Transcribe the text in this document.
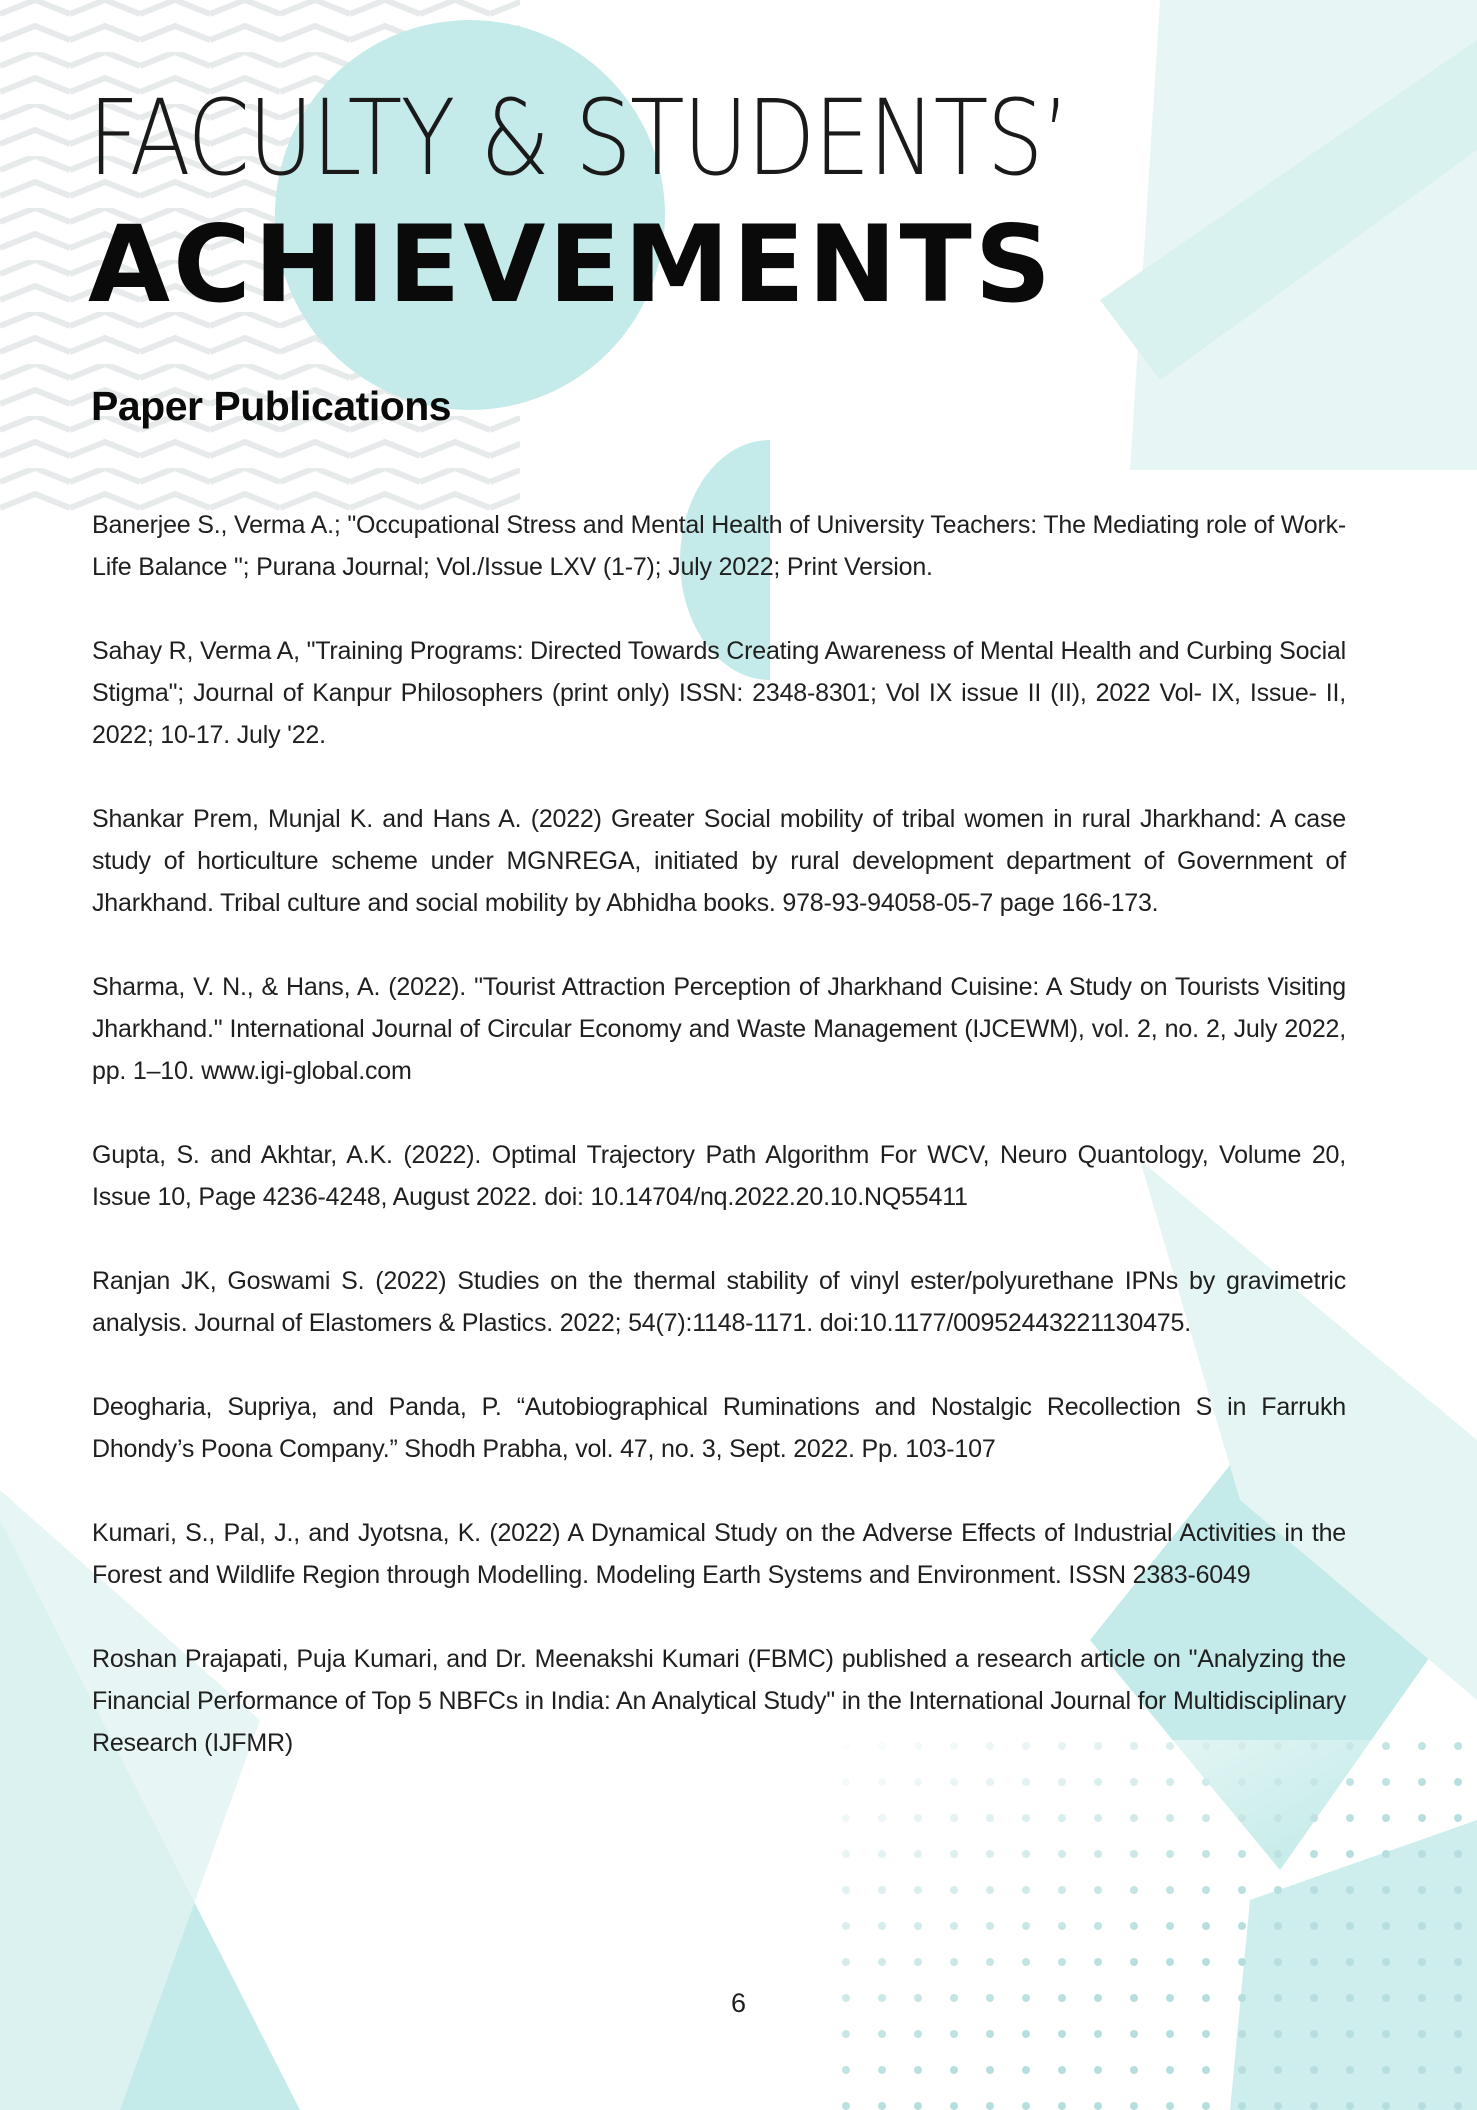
FACULTY & STUDENTS’
ACHIEVEMENTS
Paper Publications
Banerjee S., Verma A.; "Occupational Stress and Mental Health of University Teachers: The Mediating role of Work-Life Balance "; Purana Journal; Vol./Issue LXV (1-7); July 2022; Print Version.
Sahay R, Verma A, "Training Programs: Directed Towards Creating Awareness of Mental Health and Curbing Social Stigma"; Journal of Kanpur Philosophers (print only) ISSN: 2348-8301; Vol IX issue II (II), 2022 Vol- IX, Issue- II, 2022; 10-17. July '22.
Shankar Prem, Munjal K. and Hans A. (2022) Greater Social mobility of tribal women in rural Jharkhand: A case study of horticulture scheme under MGNREGA, initiated by rural development department of Government of Jharkhand. Tribal culture and social mobility by Abhidha books. 978-93-94058-05-7 page 166-173.
Sharma, V. N., & Hans, A. (2022). "Tourist Attraction Perception of Jharkhand Cuisine: A Study on Tourists Visiting Jharkhand." International Journal of Circular Economy and Waste Management (IJCEWM), vol. 2, no. 2, July 2022, pp. 1–10. www.igi-global.com
Gupta, S. and Akhtar, A.K. (2022). Optimal Trajectory Path Algorithm For WCV, Neuro Quantology, Volume 20, Issue 10, Page 4236-4248, August 2022. doi: 10.14704/nq.2022.20.10.NQ55411
Ranjan JK, Goswami S. (2022) Studies on the thermal stability of vinyl ester/polyurethane IPNs by gravimetric analysis. Journal of Elastomers & Plastics. 2022; 54(7):1148-1171. doi:10.1177/00952443221130475.
Deogharia, Supriya, and Panda, P. “Autobiographical Ruminations and Nostalgic Recollection S in Farrukh Dhondy’s Poona Company.” Shodh Prabha, vol. 47, no. 3, Sept. 2022. Pp. 103-107
Kumari, S., Pal, J., and Jyotsna, K. (2022) A Dynamical Study on the Adverse Effects of Industrial Activities in the Forest and Wildlife Region through Modelling. Modeling Earth Systems and Environment. ISSN 2383-6049
Roshan Prajapati, Puja Kumari, and Dr. Meenakshi Kumari (FBMC) published a research article on "Analyzing the Financial Performance of Top 5 NBFCs in India: An Analytical Study" in the International Journal for Multidisciplinary Research (IJFMR)
6
